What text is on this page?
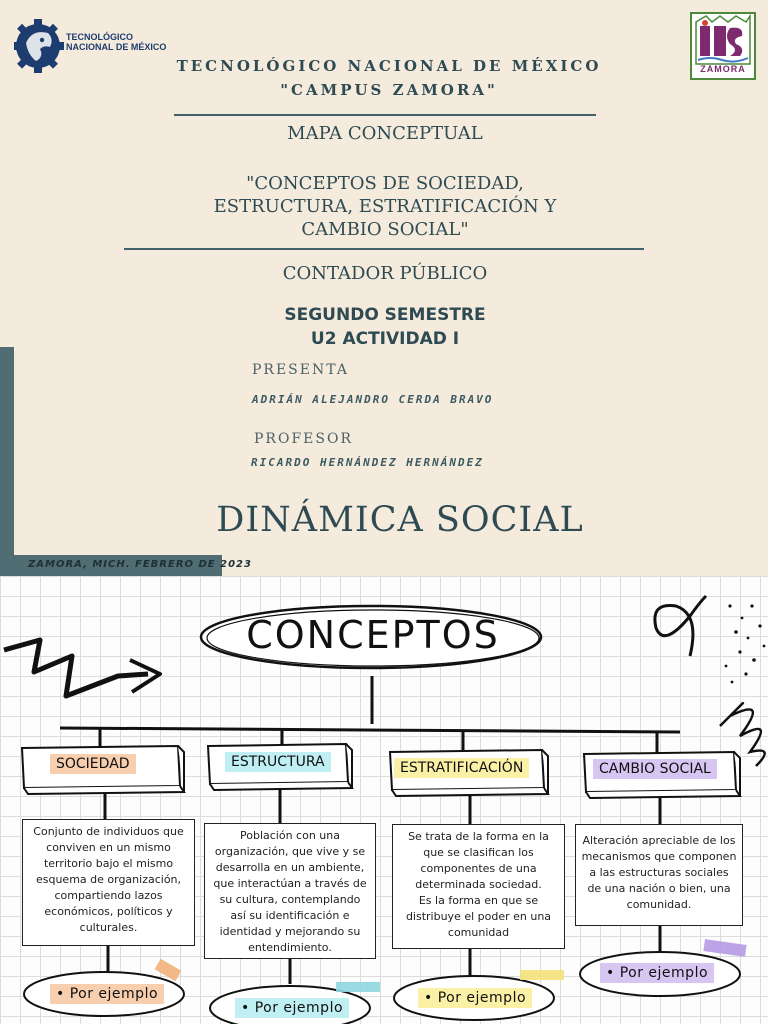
TECNOLÓGICO
NACIONAL DE MÉXICO
ZAMORA
TECNOLÓGICO NACIONAL DE MÉXICO
"CAMPUS ZAMORA"
MAPA CONCEPTUAL
"CONCEPTOS DE SOCIEDAD,
ESTRUCTURA, ESTRATIFICACIÓN Y
CAMBIO SOCIAL"
CONTADOR PÚBLICO
SEGUNDO SEMESTRE
U2 ACTIVIDAD I
PRESENTA
ADRIÁN ALEJANDRO CERDA BRAVO
PROFESOR
RICARDO HERNÁNDEZ HERNÁNDEZ
DINÁMICA SOCIAL
ZAMORA, MICH. FEBRERO DE 2023
CONCEPTOS
SOCIEDAD	ESTRUCTURA	ESTRATIFICACIÓN	CAMBIO SOCIAL
Conjunto de individuos que
conviven en un mismo
territorio bajo el mismo
esquema de organización,
compartiendo lazos
económicos, políticos y
culturales.
Población con una
organización, que vive y se
desarrolla en un ambiente,
que interactúan a través de
su cultura, contemplando
así su identificación e
identidad y mejorando su
entendimiento.
Se trata de la forma en la
que se clasifican los
componentes de una
determinada sociedad.
Es la forma en que se
distribuye el poder en una
comunidad
Alteración apreciable de los
mecanismos que componen
a las estructuras sociales
de una nación o bien, una
comunidad.
• Por ejemplo
• Por ejemplo
• Por ejemplo
• Por ejemplo
